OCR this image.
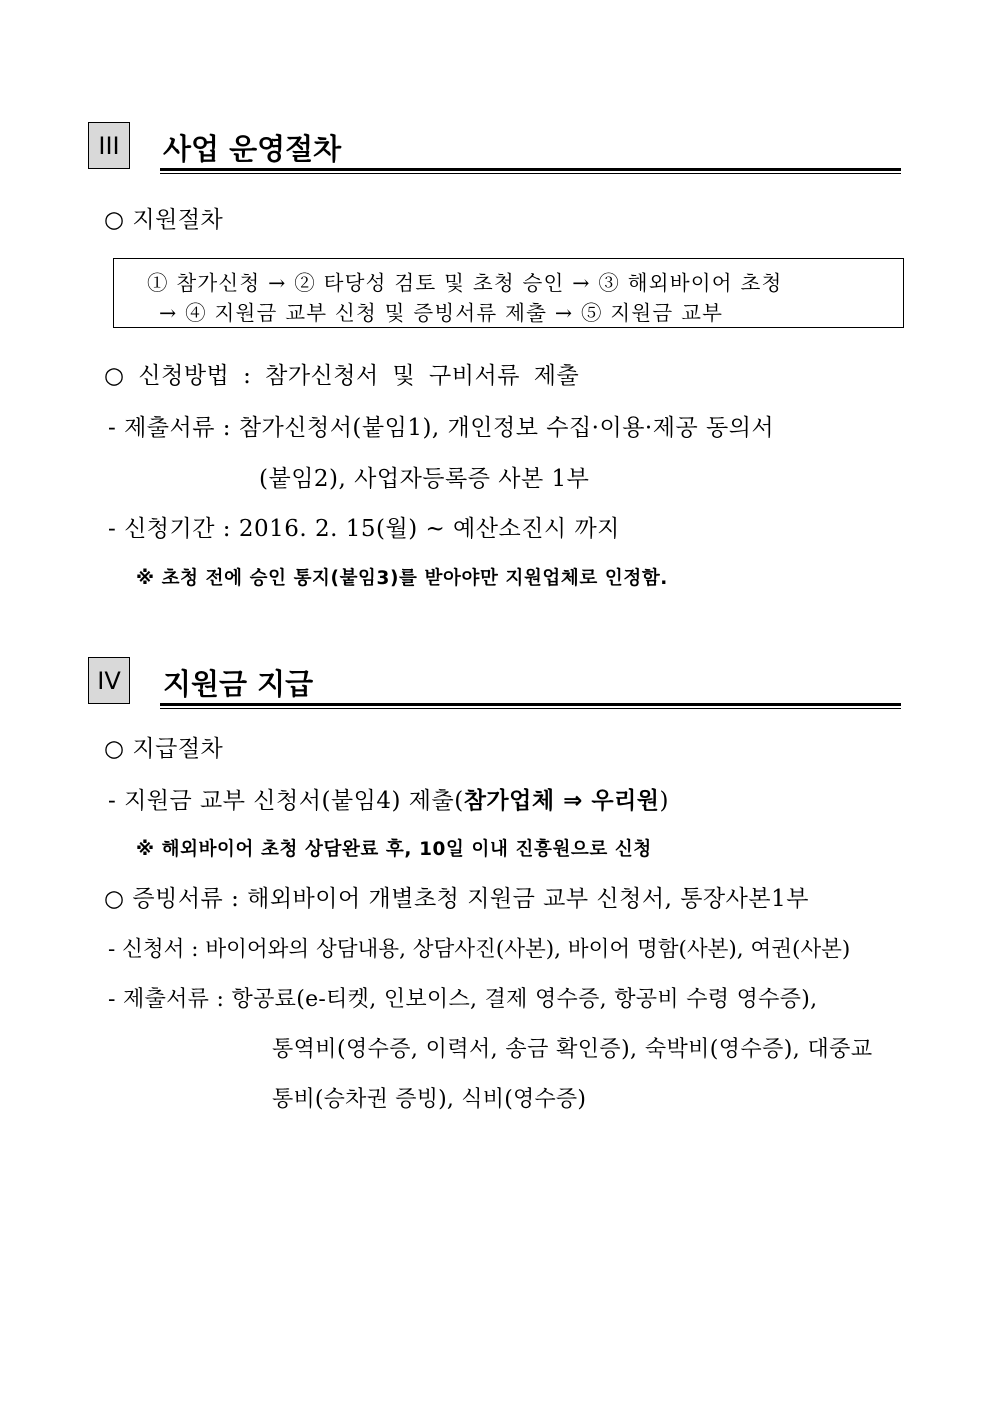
III 사업 운영절차
○ 지원절차
① 참가신청 → ② 타당성 검토 및 초청 승인 → ③ 해외바이어 초청
→ ④ 지원금 교부 신청 및 증빙서류 제출 → ⑤ 지원금 교부
○ 신청방법 : 참가신청서 및 구비서류 제출
- 제출서류 : 참가신청서(붙임1), 개인정보 수집·이용·제공 동의서
(붙임2), 사업자등록증 사본 1부
- 신청기간 : 2016. 2. 15(월) ~ 예산소진시 까지
※ 초청 전에 승인 통지(붙임3)를 받아야만 지원업체로 인정함.
IV 지원금 지급
○ 지급절차
- 지원금 교부 신청서(붙임4) 제출(참가업체 ⇒ 우리원)
※ 해외바이어 초청 상담완료 후, 10일 이내 진흥원으로 신청
○ 증빙서류 : 해외바이어 개별초청 지원금 교부 신청서, 통장사본1부
- 신청서 : 바이어와의 상담내용, 상담사진(사본), 바이어 명함(사본), 여권(사본)
- 제출서류 : 항공료(e-티켓, 인보이스, 결제 영수증, 항공비 수령 영수증),
통역비(영수증, 이력서, 송금 확인증), 숙박비(영수증), 대중교
통비(승차권 증빙), 식비(영수증)
